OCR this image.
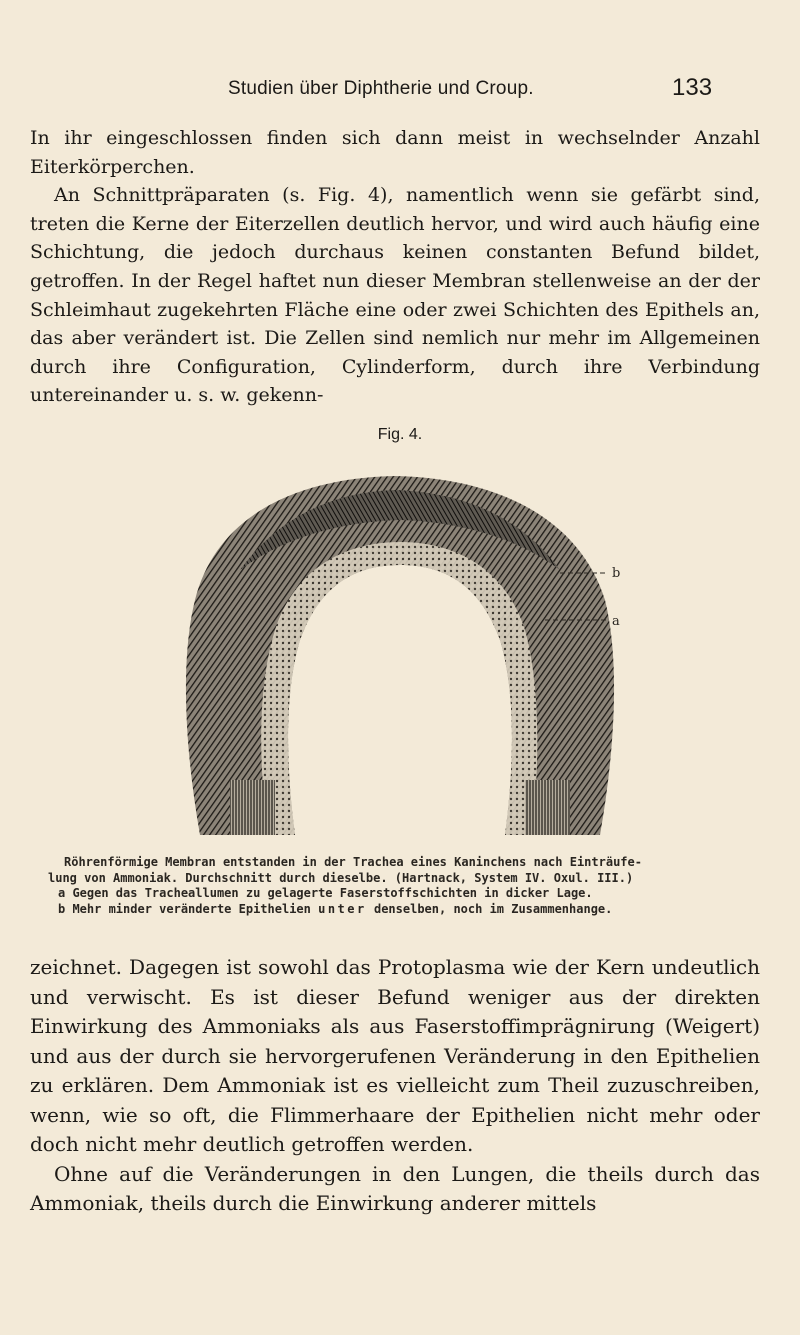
Studien über Diphtherie und Croup.	133

In ihr eingeschlossen finden sich dann meist in wechselnder Anzahl Eiterkörperchen.

An Schnittpräparaten (s. Fig. 4), namentlich wenn sie gefärbt sind, treten die Kerne der Eiterzellen deutlich hervor, und wird auch häufig eine Schichtung, die jedoch durchaus keinen constanten Befund bildet, getroffen. In der Regel haftet nun dieser Membran stellenweise an der der Schleimhaut zugekehrten Fläche eine oder zwei Schichten des Epithels an, das aber verändert ist. Die Zellen sind nemlich nur mehr im Allgemeinen durch ihre Configuration, Cylinderform, durch ihre Verbindung untereinander u. s. w. gekenn-

Fig. 4.
b
a
Röhrenförmige Membran entstanden in der Trachea eines Kaninchens nach Einträufe-
lung von Ammoniak. Durchschnitt durch dieselbe. (Hartnack, System IV. Oxul. III.)
a Gegen das Tracheallumen zu gelagerte Faserstoffschichten in dicker Lage.
b Mehr minder veränderte Epithelien unter denselben, noch im Zusammenhange.

zeichnet. Dagegen ist sowohl das Protoplasma wie der Kern undeutlich und verwischt. Es ist dieser Befund weniger aus der direkten Einwirkung des Ammoniaks als aus Faserstoffimprägnirung (Weigert) und aus der durch sie hervorgerufenen Veränderung in den Epithelien zu erklären. Dem Ammoniak ist es vielleicht zum Theil zuzuschreiben, wenn, wie so oft, die Flimmerhaare der Epithelien nicht mehr oder doch nicht mehr deutlich getroffen werden.

Ohne auf die Veränderungen in den Lungen, die theils durch das Ammoniak, theils durch die Einwirkung anderer mittels
